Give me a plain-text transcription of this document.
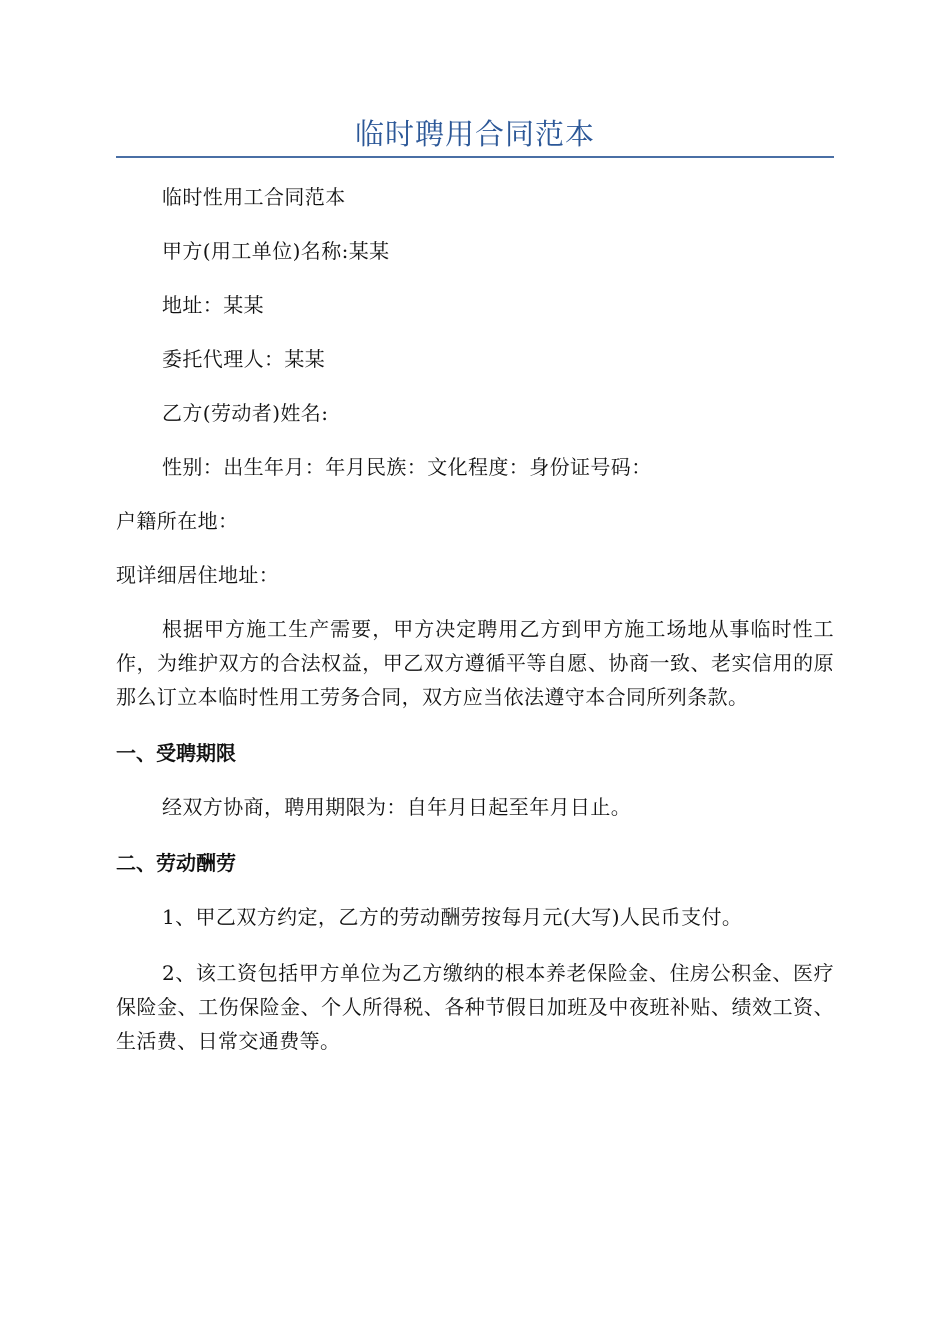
临时聘用合同范本

临时性用工合同范本

甲方(用工单位)名称:某某

地址：某某

委托代理人：某某

乙方(劳动者)姓名:

性别：出生年月：年月民族：文化程度：身份证号码：

户籍所在地：

现详细居住地址：

根据甲方施工生产需要，甲方决定聘用乙方到甲方施工场地从事临时性工作，为维护双方的合法权益，甲乙双方遵循平等自愿、协商一致、老实信用的原那么订立本临时性用工劳务合同，双方应当依法遵守本合同所列条款。

一、受聘期限

经双方协商，聘用期限为：自年月日起至年月日止。

二、劳动酬劳

1、甲乙双方约定，乙方的劳动酬劳按每月元(大写)人民币支付。

2、该工资包括甲方单位为乙方缴纳的根本养老保险金、住房公积金、医疗保险金、工伤保险金、个人所得税、各种节假日加班及中夜班补贴、绩效工资、生活费、日常交通费等。
